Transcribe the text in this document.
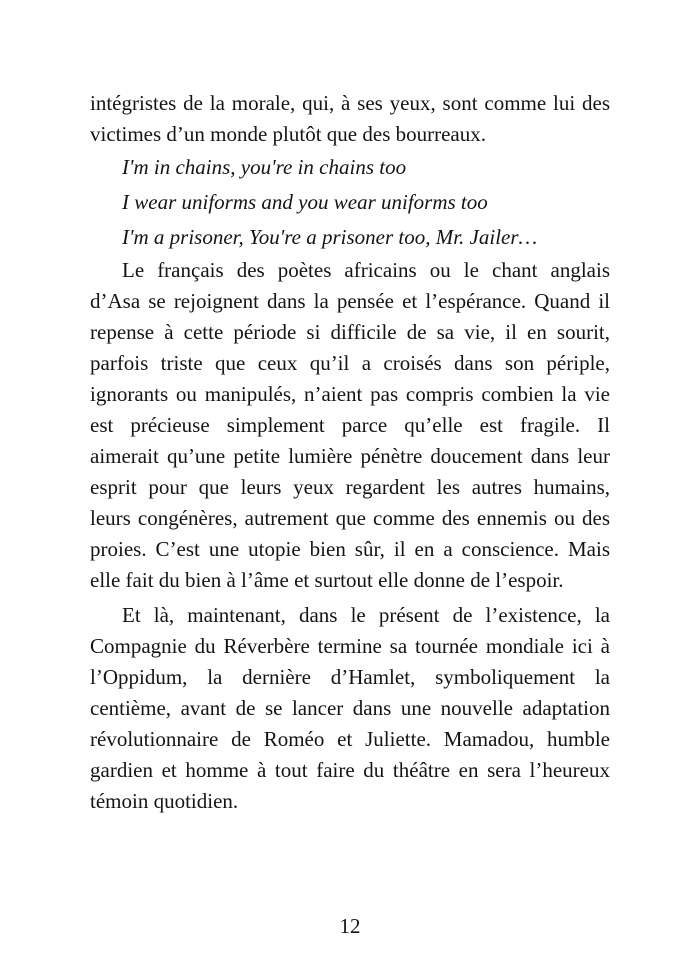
intégristes de la morale, qui, à ses yeux, sont comme lui des
victimes d’un monde plutôt que des bourreaux.
I'm in chains, you're in chains too
I wear uniforms and you wear uniforms too
I'm a prisoner, You're a prisoner too, Mr. Jailer…
Le français des poètes africains ou le chant anglais
d’Asa se rejoignent dans la pensée et l’espérance. Quand il
repense à cette période si difficile de sa vie, il en sourit,
parfois triste que ceux qu’il a croisés dans son périple,
ignorants ou manipulés, n’aient pas compris combien la vie
est précieuse simplement parce qu’elle est fragile. Il
aimerait qu’une petite lumière pénètre doucement dans leur
esprit pour que leurs yeux regardent les autres humains,
leurs congénères, autrement que comme des ennemis ou des
proies. C’est une utopie bien sûr, il en a conscience. Mais
elle fait du bien à l’âme et surtout elle donne de l’espoir.
Et là, maintenant, dans le présent de l’existence, la
Compagnie du Réverbère termine sa tournée mondiale ici à
l’Oppidum, la dernière d’Hamlet, symboliquement la
centième, avant de se lancer dans une nouvelle adaptation
révolutionnaire de Roméo et Juliette. Mamadou, humble
gardien et homme à tout faire du théâtre en sera l’heureux
témoin quotidien.
12
